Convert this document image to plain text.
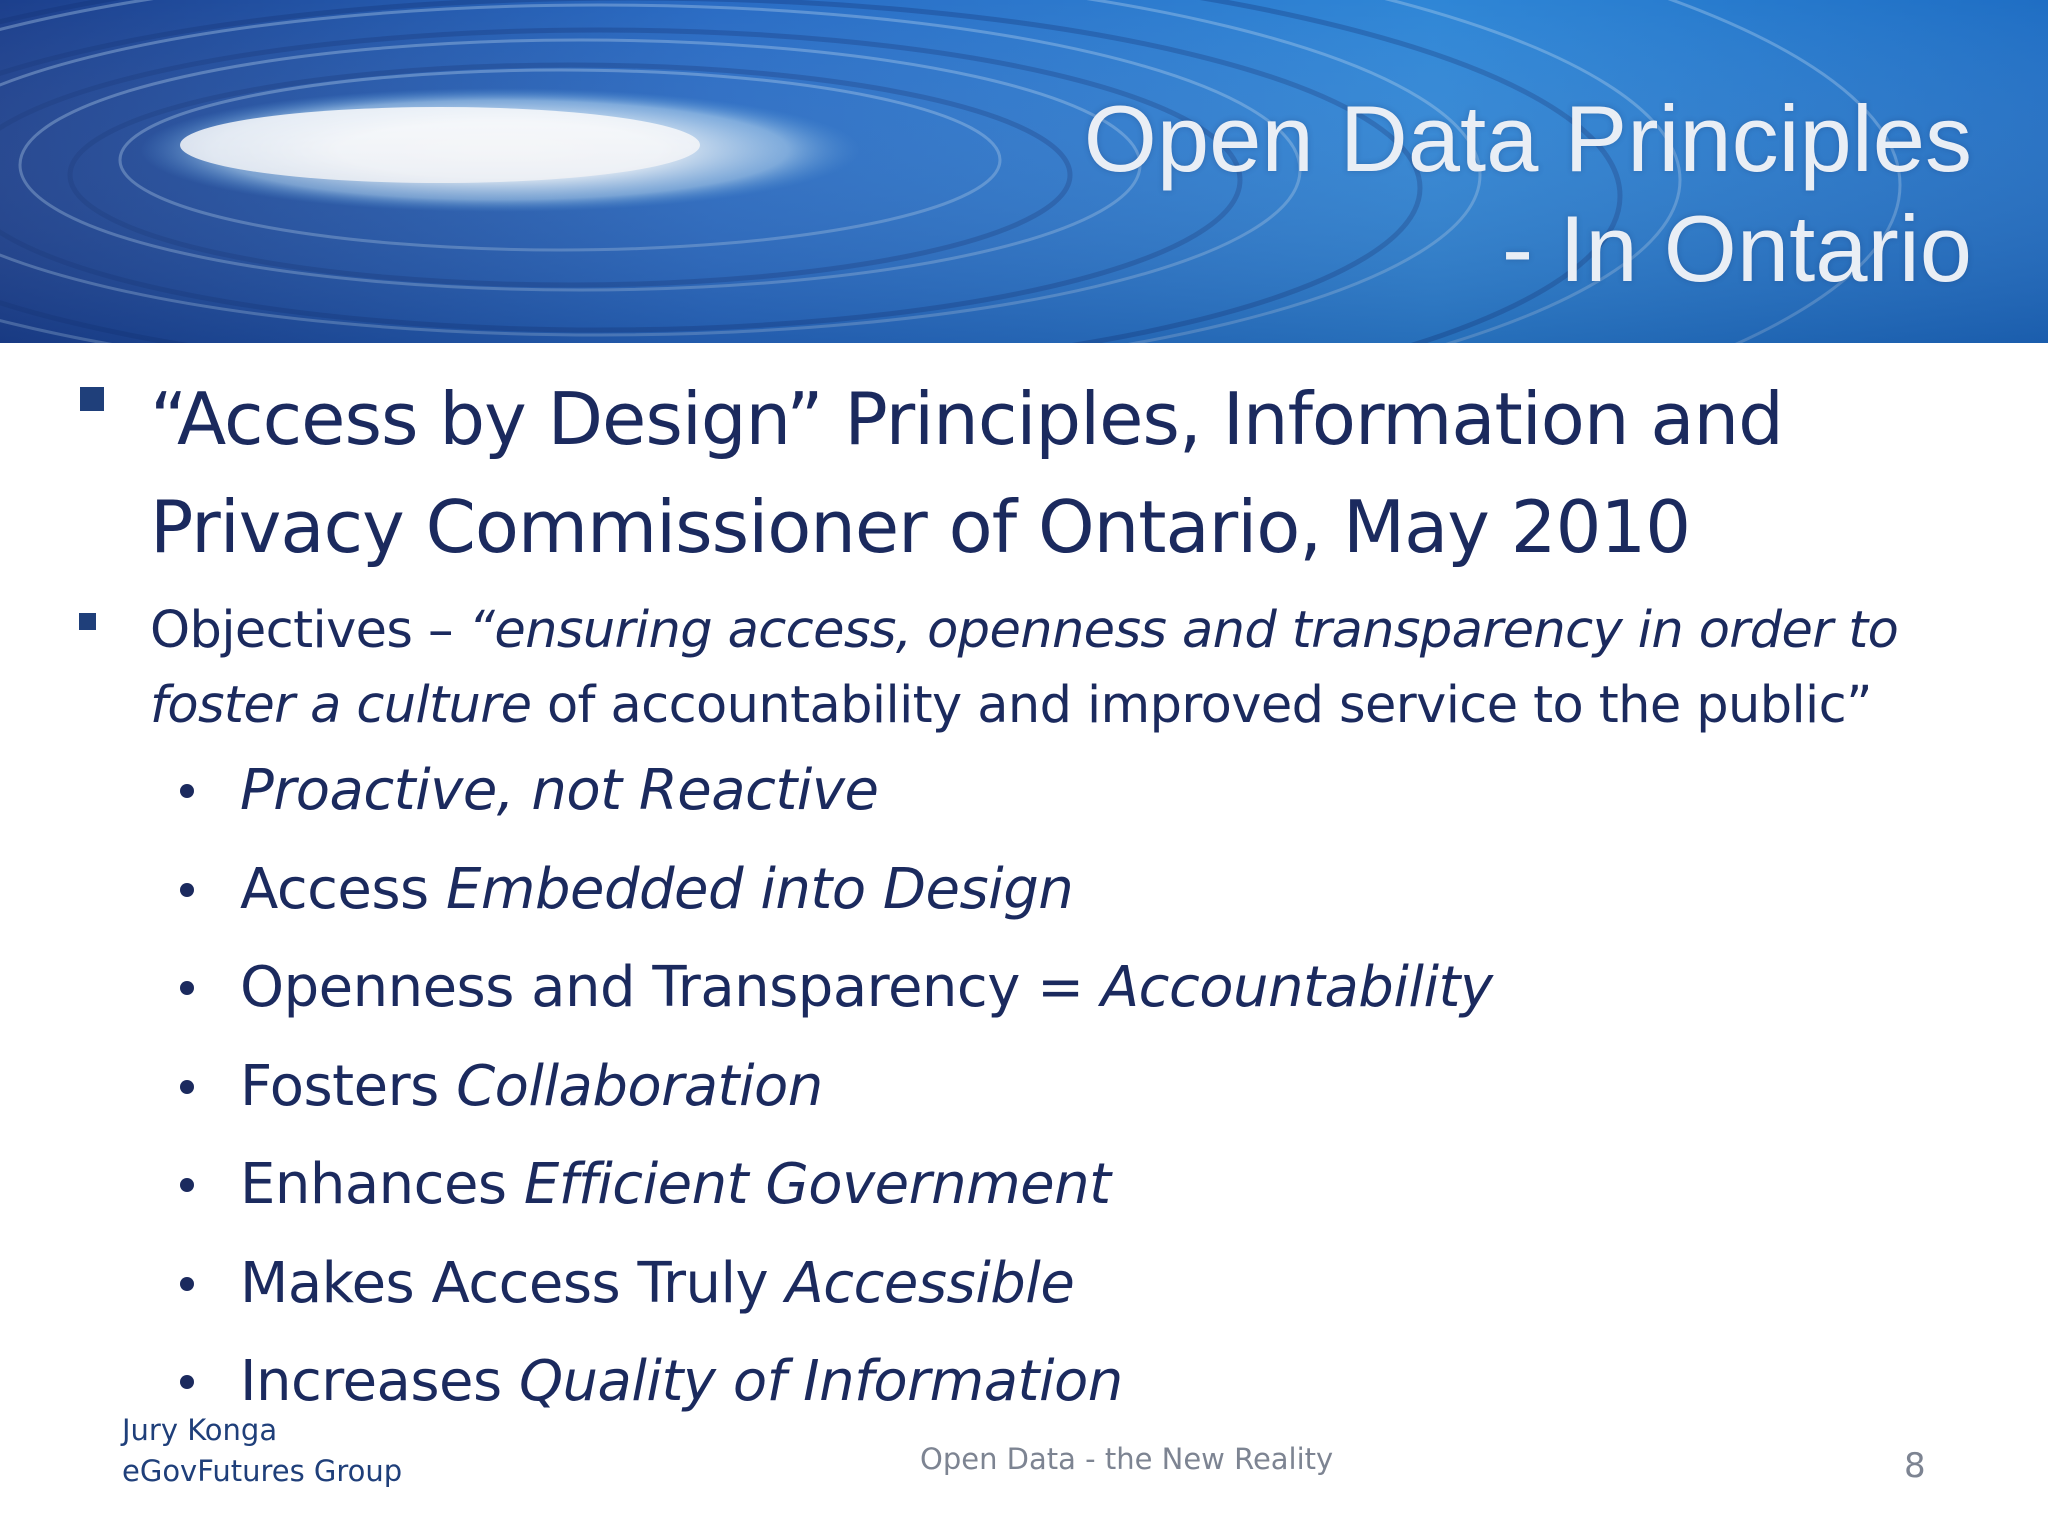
Open Data Principles
- In Ontario
“Access by Design” Principles, Information and
Privacy Commissioner of Ontario, May 2010
Objectives – “ensuring access, openness and transparency in order to
foster a culture of accountability and improved service to the public”
Proactive, not Reactive
Access Embedded into Design
Openness and Transparency = Accountability
Fosters Collaboration
Enhances Efficient Government
Makes Access Truly Accessible
Increases Quality of Information
Jury Konga
eGovFutures Group	Open Data - the New Reality	8
